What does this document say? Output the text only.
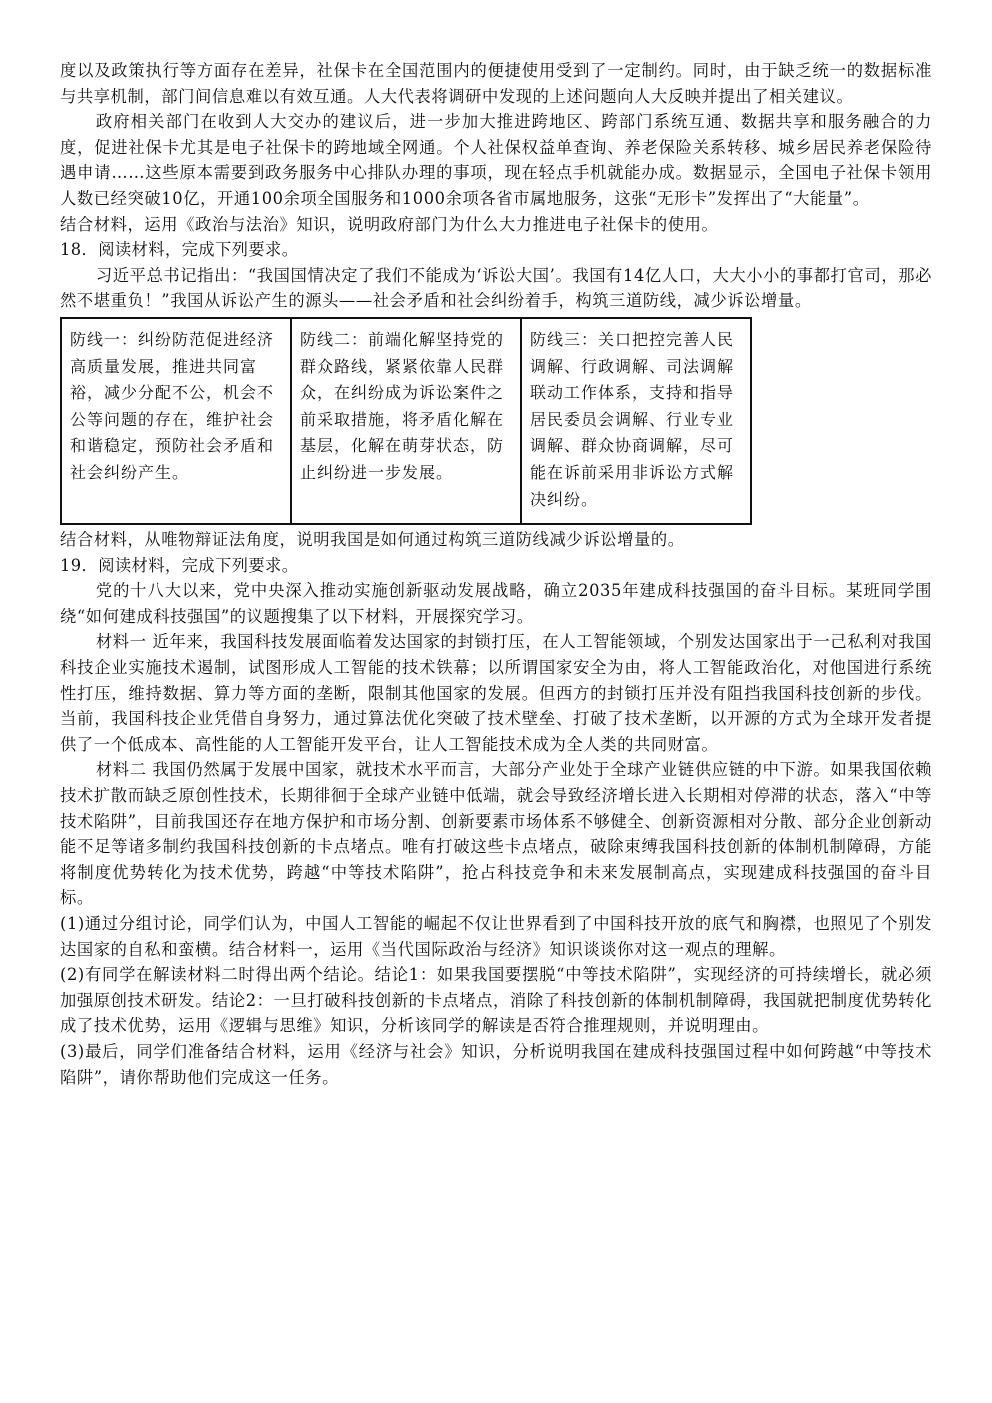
度以及政策执行等方面存在差异，社保卡在全国范围内的便捷使用受到了一定制约。同时，由于缺乏统一的数据标准与共享机制，部门间信息难以有效互通。人大代表将调研中发现的上述问题向人大反映并提出了相关建议。

政府相关部门在收到人大交办的建议后，进一步加大推进跨地区、跨部门系统互通、数据共享和服务融合的力度，促进社保卡尤其是电子社保卡的跨地域全网通。个人社保权益单查询、养老保险关系转移、城乡居民养老保险待遇申请……这些原本需要到政务服务中心排队办理的事项，现在轻点手机就能办成。数据显示，全国电子社保卡领用人数已经突破10亿，开通100余项全国服务和1000余项各省市属地服务，这张“无形卡”发挥出了“大能量”。

结合材料，运用《政治与法治》知识，说明政府部门为什么大力推进电子社保卡的使用。

18．阅读材料，完成下列要求。

习近平总书记指出：“我国国情决定了我们不能成为‘诉讼大国’。我国有14亿人口，大大小小的事都打官司，那必然不堪重负！”我国从诉讼产生的源头——社会矛盾和社会纠纷着手，构筑三道防线，减少诉讼增量。

防线一：纠纷防范促进经济高质量发展，推进共同富裕，减少分配不公，机会不公等问题的存在，维护社会和谐稳定，预防社会矛盾和社会纠纷产生。	防线二：前端化解坚持党的群众路线，紧紧依靠人民群众，在纠纷成为诉讼案件之前采取措施，将矛盾化解在基层，化解在萌芽状态，防止纠纷进一步发展。	防线三：关口把控完善人民调解、行政调解、司法调解联动工作体系，支持和指导居民委员会调解、行业专业调解、群众协商调解，尽可能在诉前采用非诉讼方式解决纠纷。

结合材料，从唯物辩证法角度，说明我国是如何通过构筑三道防线减少诉讼增量的。

19．阅读材料，完成下列要求。

党的十八大以来，党中央深入推动实施创新驱动发展战略，确立2035年建成科技强国的奋斗目标。某班同学围绕“如何建成科技强国”的议题搜集了以下材料，开展探究学习。

材料一 近年来，我国科技发展面临着发达国家的封锁打压，在人工智能领域，个别发达国家出于一己私利对我国科技企业实施技术遏制，试图形成人工智能的技术铁幕；以所谓国家安全为由，将人工智能政治化，对他国进行系统性打压，维持数据、算力等方面的垄断，限制其他国家的发展。但西方的封锁打压并没有阻挡我国科技创新的步伐。当前，我国科技企业凭借自身努力，通过算法优化突破了技术壁垒、打破了技术垄断，以开源的方式为全球开发者提供了一个低成本、高性能的人工智能开发平台，让人工智能技术成为全人类的共同财富。

材料二 我国仍然属于发展中国家，就技术水平而言，大部分产业处于全球产业链供应链的中下游。如果我国依赖技术扩散而缺乏原创性技术，长期徘徊于全球产业链中低端，就会导致经济增长进入长期相对停滞的状态，落入“中等技术陷阱”，目前我国还存在地方保护和市场分割、创新要素市场体系不够健全、创新资源相对分散、部分企业创新动能不足等诸多制约我国科技创新的卡点堵点。唯有打破这些卡点堵点，破除束缚我国科技创新的体制机制障碍，方能将制度优势转化为技术优势，跨越“中等技术陷阱”，抢占科技竞争和未来发展制高点，实现建成科技强国的奋斗目标。

(1)通过分组讨论，同学们认为，中国人工智能的崛起不仅让世界看到了中国科技开放的底气和胸襟，也照见了个别发达国家的自私和蛮横。结合材料一，运用《当代国际政治与经济》知识谈谈你对这一观点的理解。

(2)有同学在解读材料二时得出两个结论。结论1：如果我国要摆脱“中等技术陷阱”，实现经济的可持续增长，就必须加强原创技术研发。结论2：一旦打破科技创新的卡点堵点，消除了科技创新的体制机制障碍，我国就把制度优势转化成了技术优势，运用《逻辑与思维》知识，分析该同学的解读是否符合推理规则，并说明理由。

(3)最后，同学们准备结合材料，运用《经济与社会》知识，分析说明我国在建成科技强国过程中如何跨越“中等技术陷阱”，请你帮助他们完成这一任务。
